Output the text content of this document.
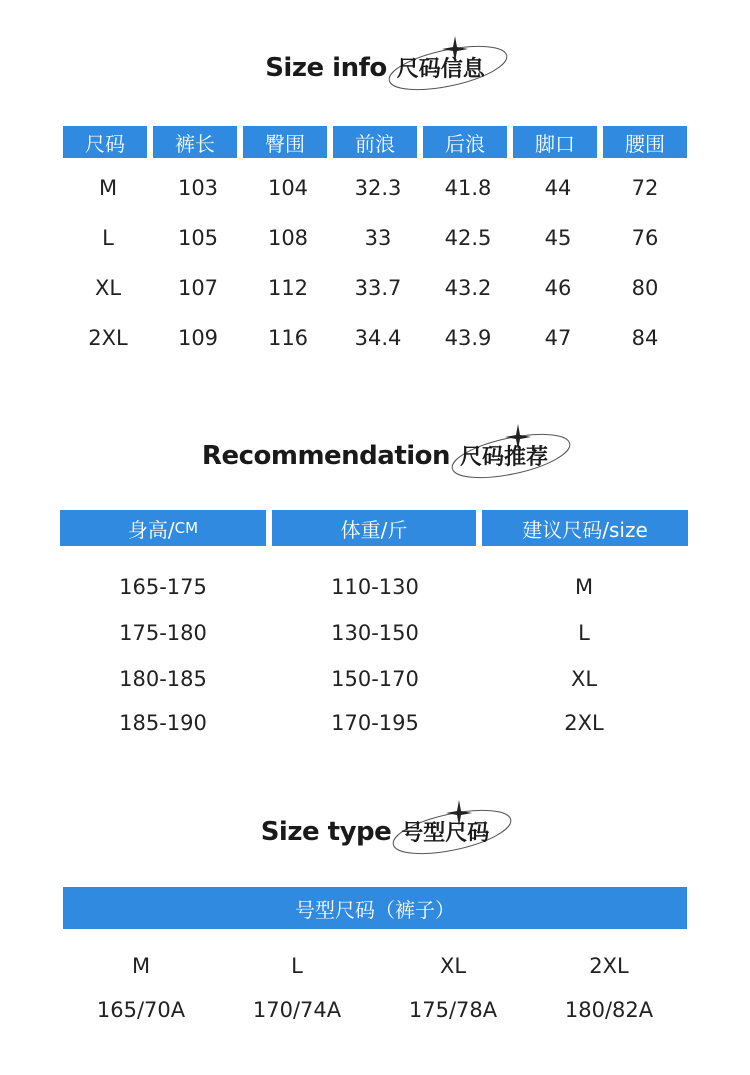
Size info 尺码信息
尺码	裤长	臀围	前浪	后浪	脚口	腰围
M	103	104	32.3	41.8	44	72
L	105	108	33	42.5	45	76
XL	107	112	33.7	43.2	46	80
2XL	109	116	34.4	43.9	47	84
Recommendation 尺码推荐
身高/ CM	体重/斤	建议尺码/size
165-175	110-130	M
175-180	130-150	L
180-185	150-170	XL
185-190	170-195	2XL
Size type 号型尺码
号型尺码（裤子）
M	L	XL	2XL
165/70A	170/74A	175/78A	180/82A
